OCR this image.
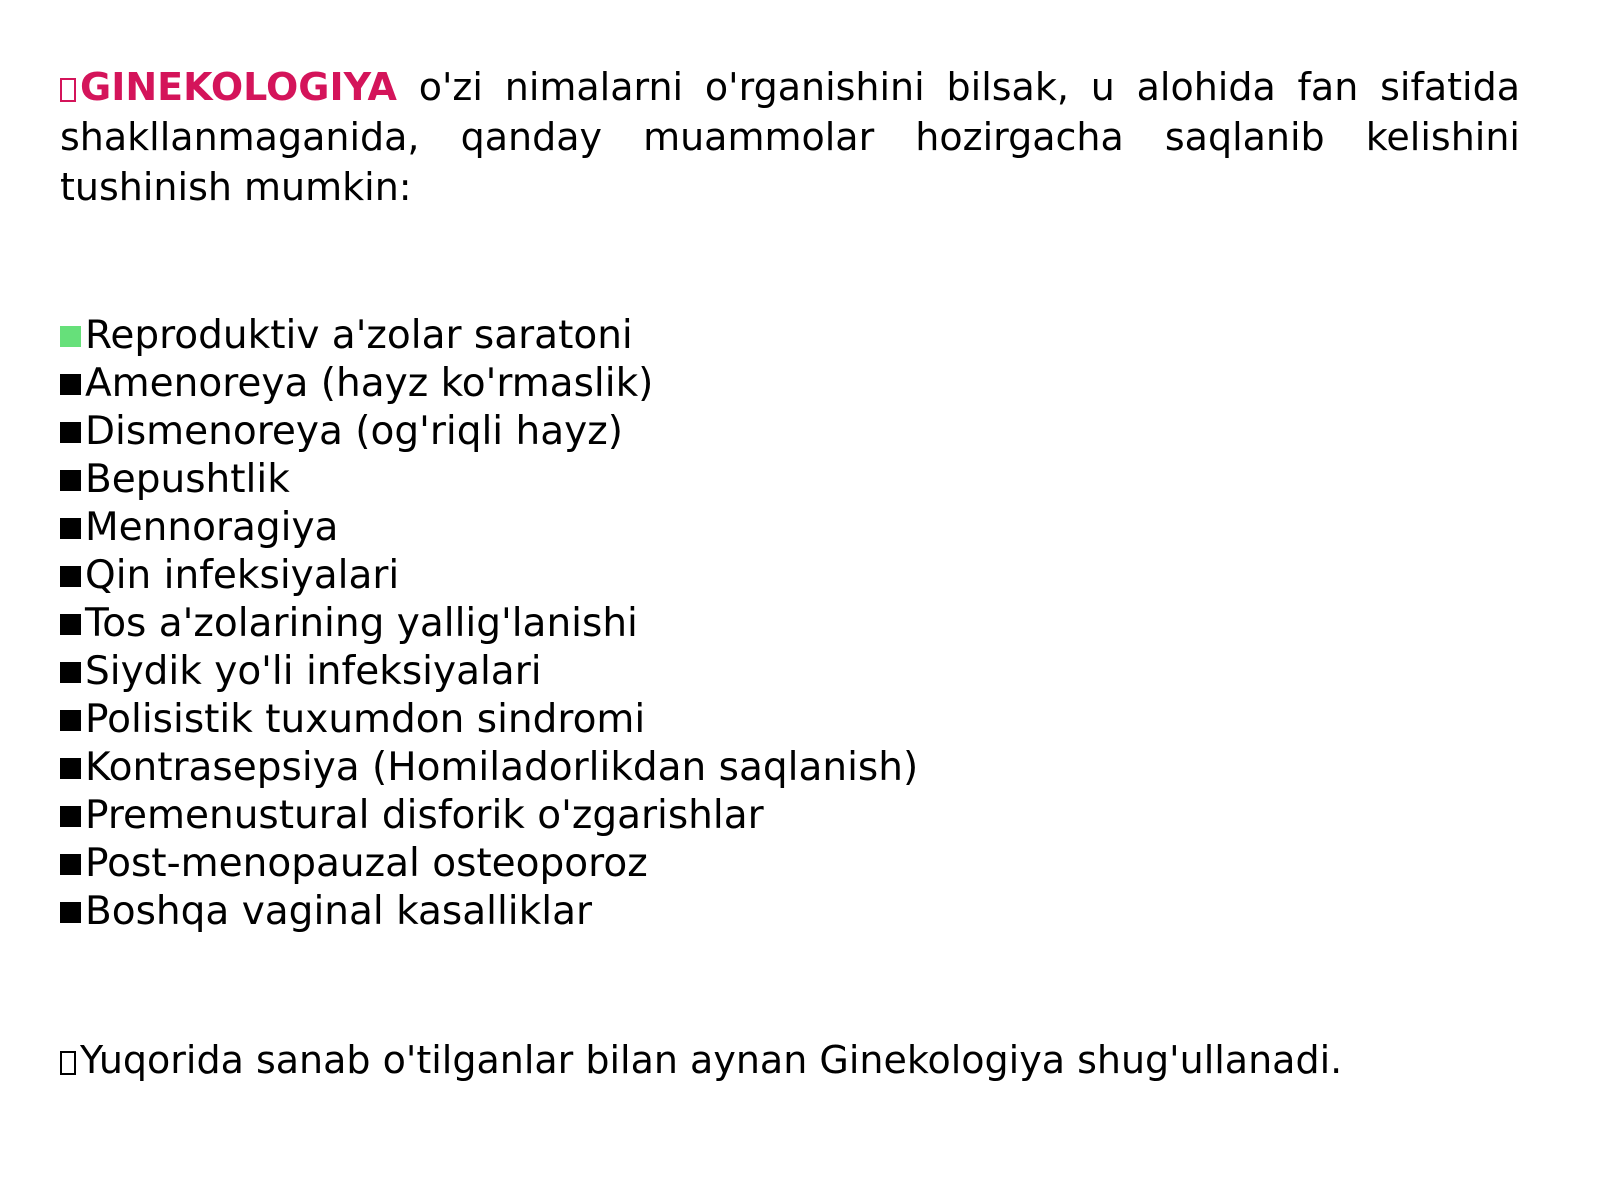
GINEKOLOGIYA o'zi nimalarni o'rganishini bilsak, u alohida fan sifatida shakllanmaganida, qanday muammolar hozirgacha saqlanib kelishini tushinish mumkin:

Reproduktiv a'zolar saratoni
Amenoreya (hayz ko'rmaslik)
Dismenoreya (og'riqli hayz)
Bepushtlik
Mennoragiya
Qin infeksiyalari
Tos a'zolarining yallig'lanishi
Siydik yo'li infeksiyalari
Polisistik tuxumdon sindromi
Kontrasepsiya (Homiladorlikdan saqlanish)
Premenustural disforik o'zgarishlar
Post-menopauzal osteoporoz
Boshqa vaginal kasalliklar

Yuqorida sanab o'tilganlar bilan aynan Ginekologiya shug'ullanadi.
